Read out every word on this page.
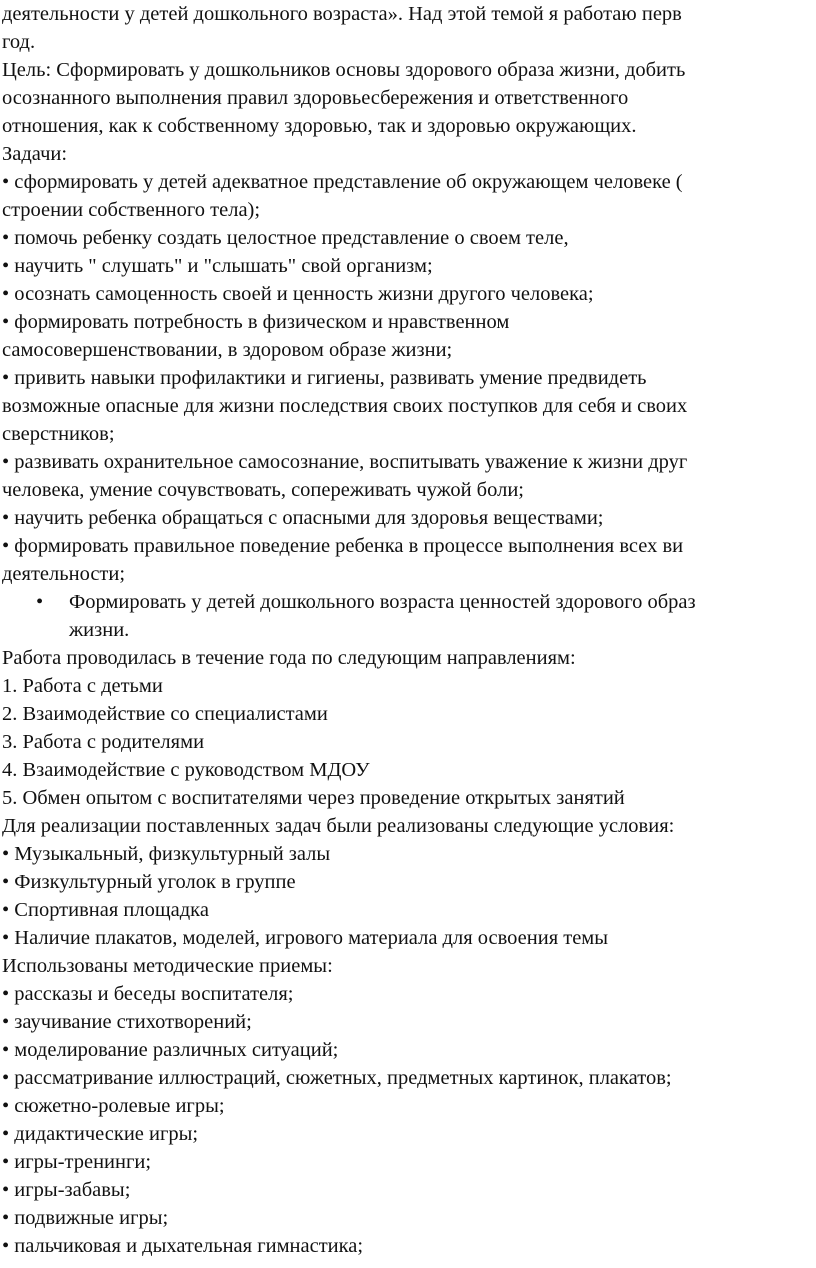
деятельности у детей дошкольного возраста». Над этой темой я работаю перв
год.
Цель: Сформировать у дошкольников основы здорового образа жизни, добить
осознанного выполнения правил здоровьесбережения и ответственного
отношения, как к собственному здоровью, так и здоровью окружающих.
Задачи:
• сформировать у детей адекватное представление об окружающем человеке (
строении собственного тела);
• помочь ребенку создать целостное представление о своем теле,
• научить " слушать" и "слышать" свой организм;
• осознать самоценность своей и ценность жизни другого человека;
• формировать потребность в физическом и нравственном
самосовершенствовании, в здоровом образе жизни;
• привить навыки профилактики и гигиены, развивать умение предвидеть
возможные опасные для жизни последствия своих поступков для себя и своих
сверстников;
• развивать охранительное самосознание, воспитывать уважение к жизни друг
человека, умение сочувствовать, сопереживать чужой боли;
• научить ребенка обращаться с опасными для здоровья веществами;
• формировать правильное поведение ребенка в процессе выполнения всех ви
деятельности;
• Формировать у детей дошкольного возраста ценностей здорового образ
жизни.
Работа проводилась в течение года по следующим направлениям:
1. Работа с детьми
2. Взаимодействие со специалистами
3. Работа с родителями
4. Взаимодействие с руководством МДОУ
5. Обмен опытом с воспитателями через проведение открытых занятий
Для реализации поставленных задач были реализованы следующие условия:
• Музыкальный, физкультурный залы
• Физкультурный уголок в группе
• Спортивная площадка
• Наличие плакатов, моделей, игрового материала для освоения темы
Использованы методические приемы:
• рассказы и беседы воспитателя;
• заучивание стихотворений;
• моделирование различных ситуаций;
• рассматривание иллюстраций, сюжетных, предметных картинок, плакатов;
• сюжетно-ролевые игры;
• дидактические игры;
• игры-тренинги;
• игры-забавы;
• подвижные игры;
• пальчиковая и дыхательная гимнастика;
